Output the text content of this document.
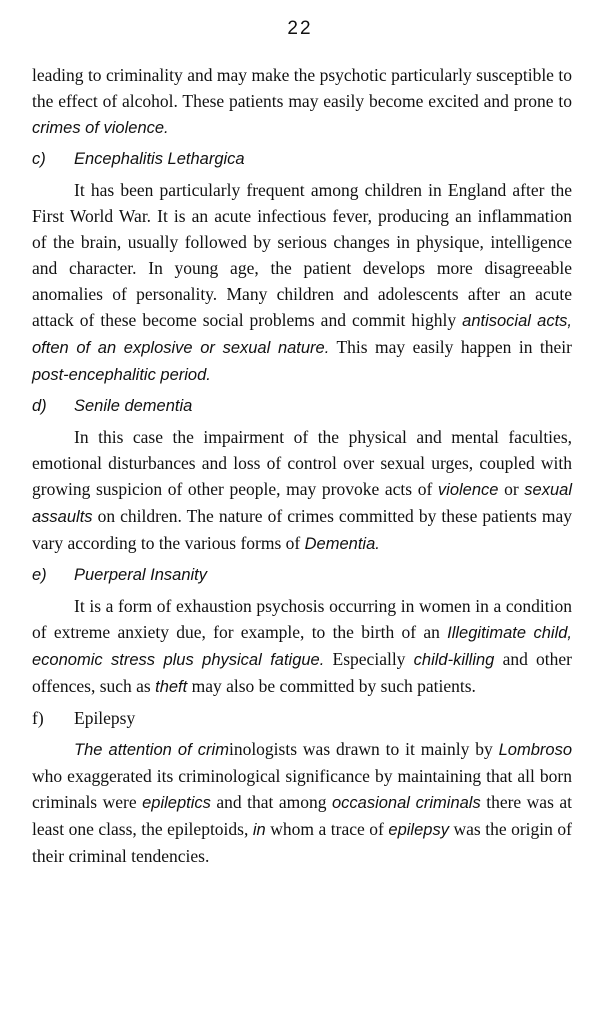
22

leading to criminality and may make the psychotic particularly susceptible to the effect of alcohol. These patients may easily become excited and prone to crimes of violence.

c)	Encephalitis Lethargica

It has been particularly frequent among children in England after the First World War. It is an acute infectious fever, producing an inflammation of the brain, usually followed by serious changes in physique, intelligence and character. In young age, the patient develops more disagreeable anomalies of personality. Many children and adolescents after an acute attack of these become social problems and commit highly antisocial acts, often of an explosive or sexual nature. This may easily happen in their post-encephalitic period.

d)	Senile dementia

In this case the impairment of the physical and mental faculties, emotional disturbances and loss of control over sexual urges, coupled with growing suspicion of other people, may provoke acts of violence or sexual assaults on children. The nature of crimes committed by these patients may vary according to the various forms of Dementia.

e)	Puerperal Insanity

It is a form of exhaustion psychosis occurring in women in a condition of extreme anxiety due, for example, to the birth of an Illegitimate child, economic stress plus physical fatigue. Especially child-killing and other offences, such as theft may also be committed by such patients.

f)	Epilepsy

The attention of criminologists was drawn to it mainly by Lombroso who exaggerated its criminological significance by maintaining that all born criminals were epileptics and that among occasional criminals there was at least one class, the epileptoids, in whom a trace of epilepsy was the origin of their criminal tendencies.
